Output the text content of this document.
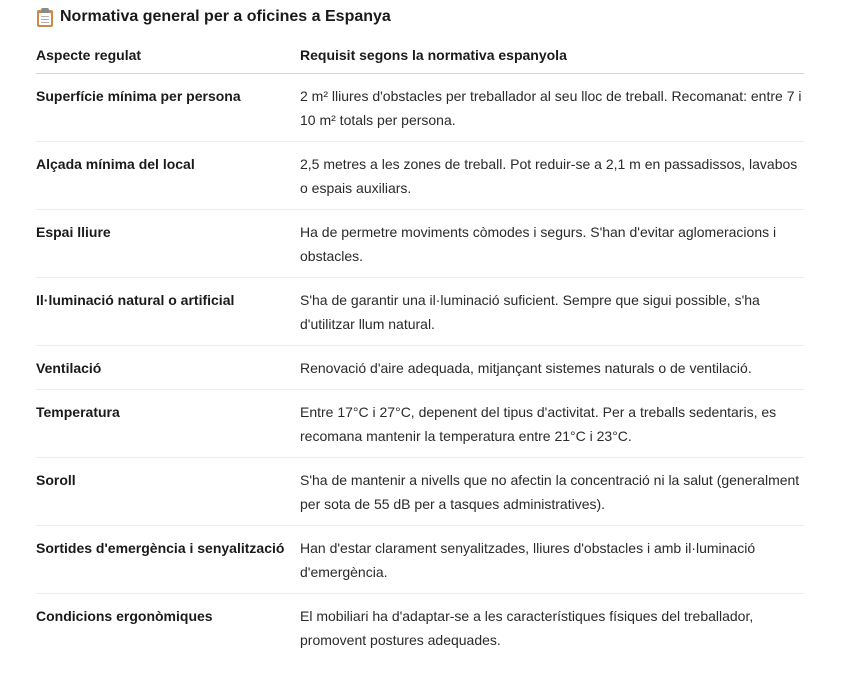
Normativa general per a oficines a Espanya
Aspecte regulat	Requisit segons la normativa espanyola
Superfície mínima per persona	2 m² lliures d'obstacles per treballador al seu lloc de treball. Recomanat: entre 7 i 10 m² totals per persona.
Alçada mínima del local	2,5 metres a les zones de treball. Pot reduir-se a 2,1 m en passadissos, lavabos o espais auxiliars.
Espai lliure	Ha de permetre moviments còmodes i segurs. S'han d'evitar aglomeracions i obstacles.
Il·luminació natural o artificial	S'ha de garantir una il·luminació suficient. Sempre que sigui possible, s'ha d'utilitzar llum natural.
Ventilació	Renovació d'aire adequada, mitjançant sistemes naturals o de ventilació.
Temperatura	Entre 17°C i 27°C, depenent del tipus d'activitat. Per a treballs sedentaris, es recomana mantenir la temperatura entre 21°C i 23°C.
Soroll	S'ha de mantenir a nivells que no afectin la concentració ni la salut (generalment per sota de 55 dB per a tasques administratives).
Sortides d'emergència i senyalització	Han d'estar clarament senyalitzades, lliures d'obstacles i amb il·luminació d'emergència.
Condicions ergonòmiques	El mobiliari ha d'adaptar-se a les característiques físiques del treballador, promovent postures adequades.
